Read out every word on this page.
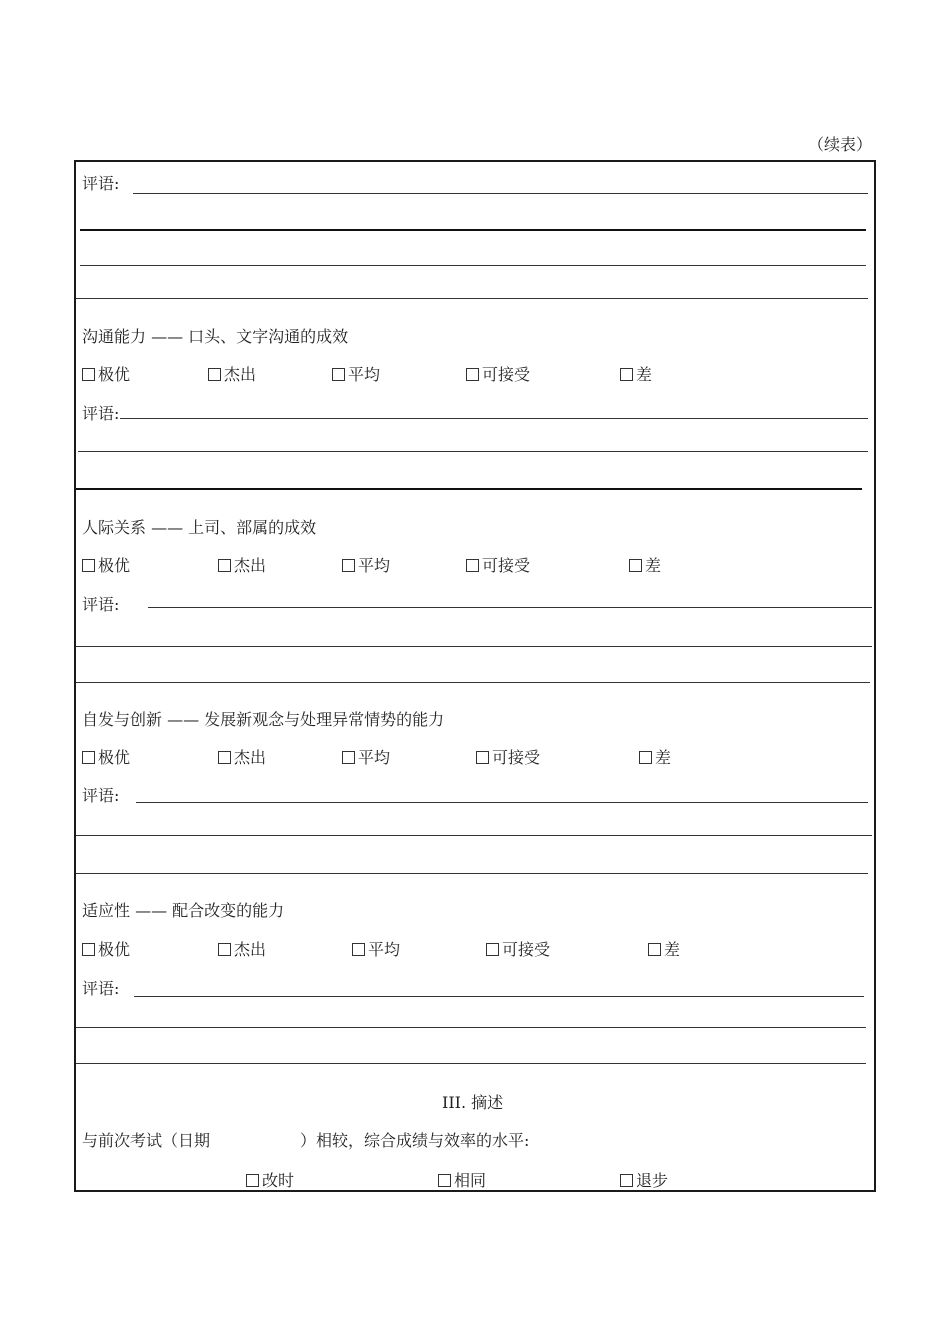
（续表）
评语:
沟通能力 —— 口头、文字沟通的成效
极优	杰出	平均	可接受	差
评语:
人际关系 —— 上司、部属的成效
极优	杰出	平均	可接受	差
评语:
自发与创新 —— 发展新观念与处理异常情势的能力
极优	杰出	平均	可接受	差
评语:
适应性 —— 配合改变的能力
极优	杰出	平均	可接受	差
评语:
III. 摘述
与前次考试（日期	）相较，综合成绩与效率的水平:
改时	相同	退步
